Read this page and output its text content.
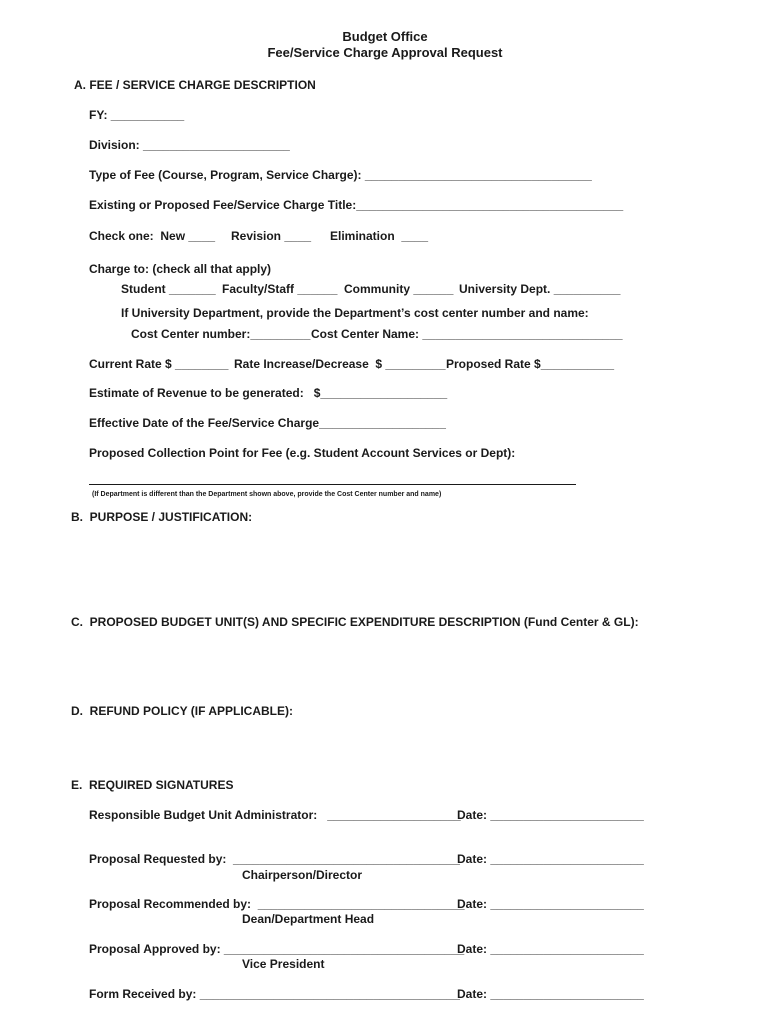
Budget Office
Fee/Service Charge Approval Request
A. FEE / SERVICE CHARGE DESCRIPTION
FY: ___________
Division: ______________________
Type of Fee (Course, Program, Service Charge): __________________________________
Existing or Proposed Fee/Service Charge Title:________________________________________
Check one:  New ____ Revision ____ Elimination  ____
Charge to: (check all that apply)
Student _______ Faculty/Staff ______ Community ______ University Dept. __________
If University Department, provide the Department’s cost center number and name:
Cost Center number:_________ Cost Center Name: ______________________________
Current Rate $ ________ Rate Increase/Decrease  $ _________ Proposed Rate $___________
Estimate of Revenue to be generated:   $___________________
Effective Date of the Fee/Service Charge___________________
Proposed Collection Point for Fee (e.g. Student Account Services or Dept):
(If Department is different than the Department shown above, provide the Cost Center number and name)
B.  PURPOSE / JUSTIFICATION:
C.  PROPOSED BUDGET UNIT(S) AND SPECIFIC EXPENDITURE DESCRIPTION (Fund Center & GL):
D.  REFUND POLICY (IF APPLICABLE):
E.  REQUIRED SIGNATURES
Responsible Budget Unit Administrator:   ____________________
Date: _______________________
Proposal Requested by:  __________________________________
Date: _______________________
Chairperson/Director
Proposal Recommended by:  _______________________________
Date: _______________________
Dean/Department Head
Proposal Approved by: ____________________________________
Date: _______________________
Vice President
Form Received by: _______________________________________
Date: _______________________
